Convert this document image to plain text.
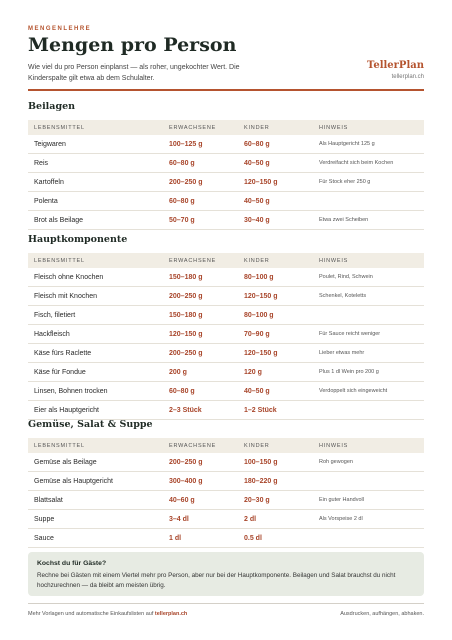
MENGENLEHRE
Mengen pro Person

Wie viel du pro Person einplanst — als roher, ungekochter Wert. Die Kinderspalte gilt etwa ab dem Schulalter.

TellerPlan
tellerplan.ch
Beilagen
LEBENSMITTEL	ERWACHSENE	KINDER	HINWEIS
Teigwaren	100–125 g	60–80 g	Als Hauptgericht 125 g
Reis	60–80 g	40–50 g	Verdreifacht sich beim Kochen
Kartoffeln	200–250 g	120–150 g	Für Stock eher 250 g
Polenta	60–80 g	40–50 g
Brot als Beilage	50–70 g	30–40 g	Etwa zwei Scheiben
Hauptkomponente
LEBENSMITTEL	ERWACHSENE	KINDER	HINWEIS
Fleisch ohne Knochen	150–180 g	80–100 g	Poulet, Rind, Schwein
Fleisch mit Knochen	200–250 g	120–150 g	Schenkel, Koteletts
Fisch, filetiert	150–180 g	80–100 g
Hackfleisch	120–150 g	70–90 g	Für Sauce reicht weniger
Käse fürs Raclette	200–250 g	120–150 g	Lieber etwas mehr
Käse für Fondue	200 g	120 g	Plus 1 dl Wein pro 200 g
Linsen, Bohnen trocken	60–80 g	40–50 g	Verdoppelt sich eingeweicht
Eier als Hauptgericht	2–3 Stück	1–2 Stück
Gemüse, Salat & Suppe
LEBENSMITTEL	ERWACHSENE	KINDER	HINWEIS
Gemüse als Beilage	200–250 g	100–150 g	Roh gewogen
Gemüse als Hauptgericht	300–400 g	180–220 g
Blattsalat	40–60 g	20–30 g	Ein guter Handvoll
Suppe	3–4 dl	2 dl	Als Vorspeise 2 dl
Sauce	1 dl	0.5 dl
Kochst du für Gäste?
Rechne bei Gästen mit einem Viertel mehr pro Person, aber nur bei der Hauptkomponente. Beilagen und Salat brauchst du nicht hochzurechnen — da bleibt am meisten übrig.
Mehr Vorlagen und automatische Einkaufslisten auf tellerplan.ch	Ausdrucken, aufhängen, abhaken.
